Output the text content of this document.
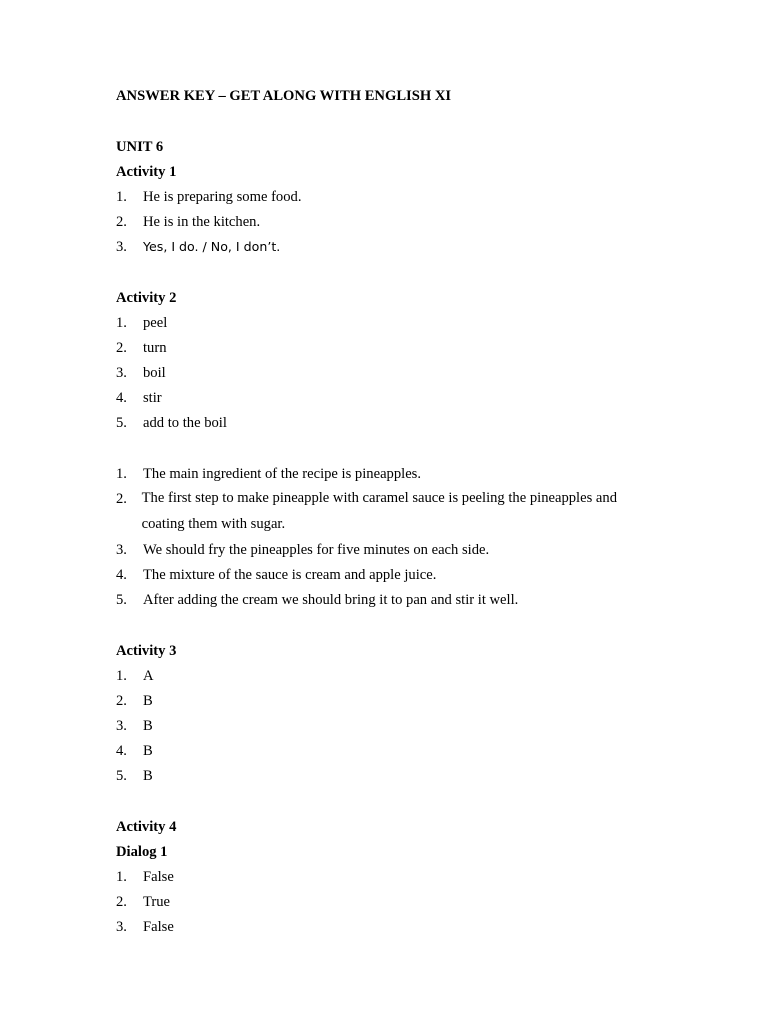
ANSWER KEY – GET ALONG WITH ENGLISH XI
UNIT 6
Activity 1
1.	He is preparing some food.
2.	He is in the kitchen.
3.	Yes, I do. / No, I don’t.
Activity 2
1.	peel
2.	turn
3.	boil
4.	stir
5.	add to the boil
1.	The main ingredient of the recipe is pineapples.
2.	The first step to make pineapple with caramel sauce is peeling the pineapples and coating them with sugar.
3.	We should fry the pineapples for five minutes on each side.
4.	The mixture of the sauce is cream and apple juice.
5.	After adding the cream we should bring it to pan and stir it well.
Activity 3
1.	A
2.	B
3.	B
4.	B
5.	B
Activity 4
Dialog 1
1.	False
2.	True
3.	False
